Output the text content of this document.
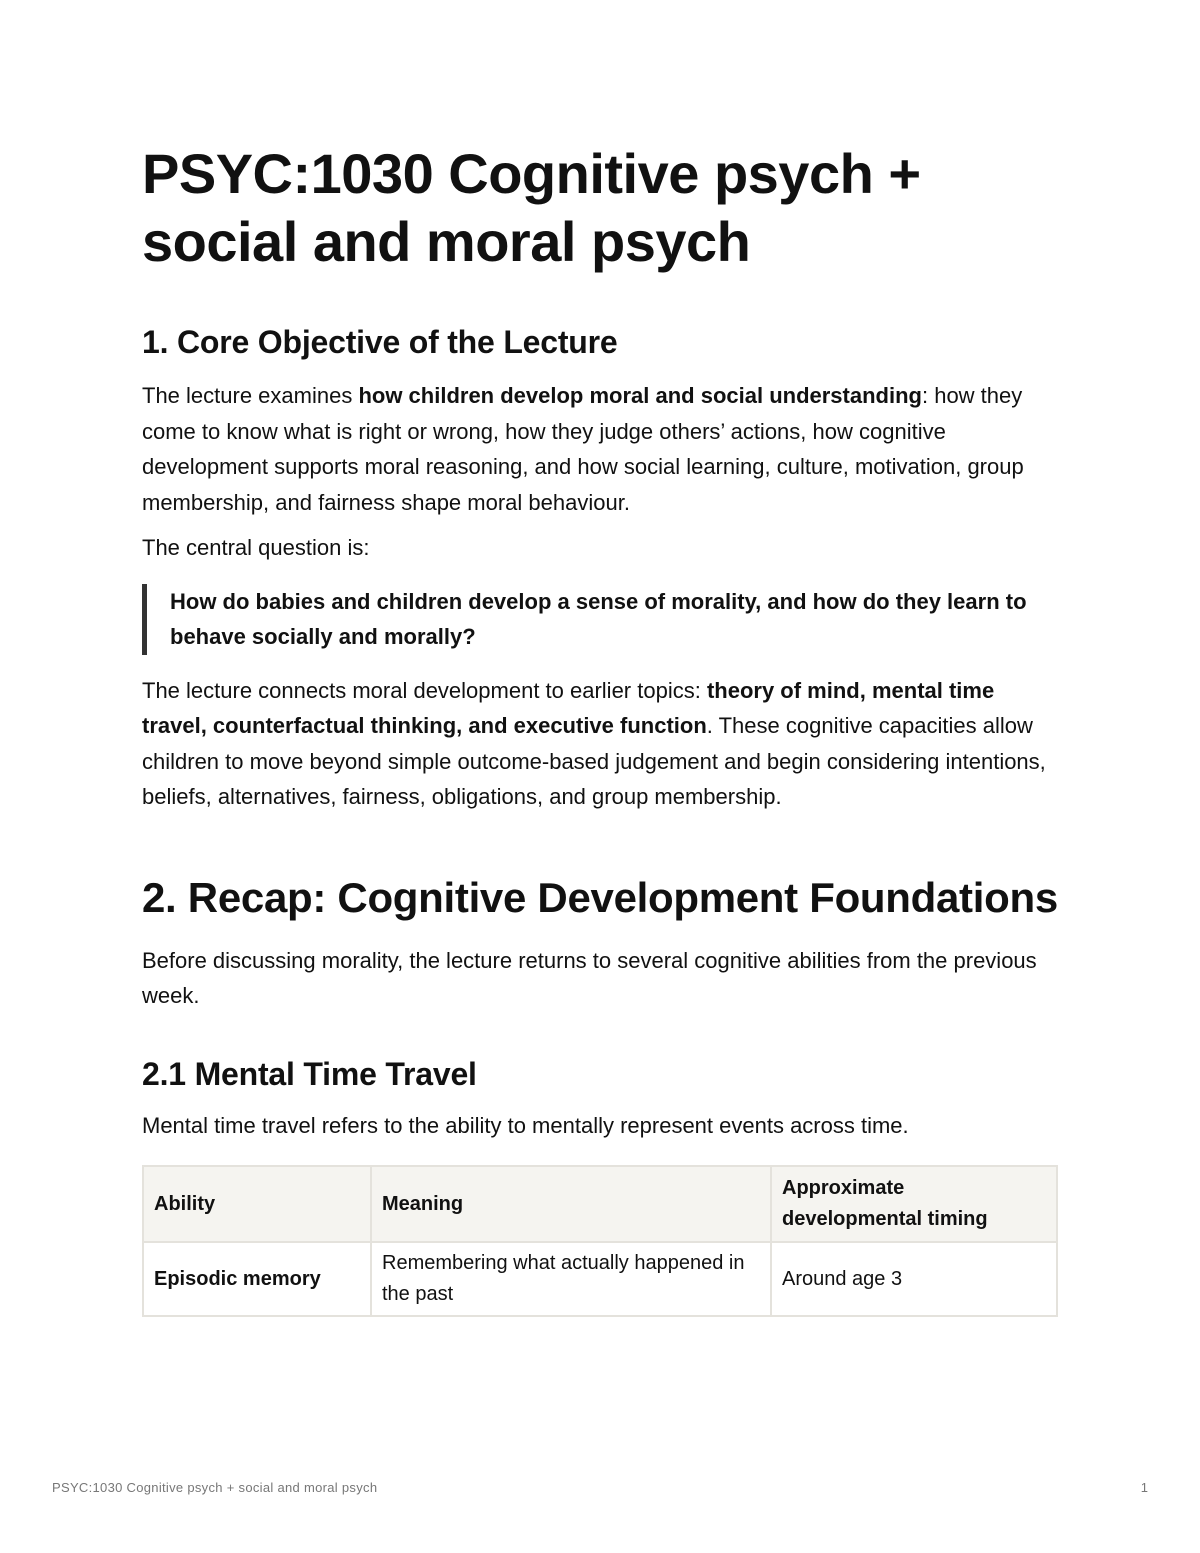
PSYC:1030 Cognitive psych + social and moral psych
1. Core Objective of the Lecture

The lecture examines how children develop moral and social understanding: how they come to know what is right or wrong, how they judge others’ actions, how cognitive development supports moral reasoning, and how social learning, culture, motivation, group membership, and fairness shape moral behaviour.

The central question is:

How do babies and children develop a sense of morality, and how do they learn to behave socially and morally?

The lecture connects moral development to earlier topics: theory of mind, mental time travel, counterfactual thinking, and executive function. These cognitive capacities allow children to move beyond simple outcome-based judgement and begin considering intentions, beliefs, alternatives, fairness, obligations, and group membership.

2. Recap: Cognitive Development Foundations

Before discussing morality, the lecture returns to several cognitive abilities from the previous week.

2.1 Mental Time Travel

Mental time travel refers to the ability to mentally represent events across time.

Ability	Meaning	Approximate developmental timing
Episodic memory	Remembering what actually happened in the past	Around age 3
PSYC:1030 Cognitive psych + social and moral psych	1
